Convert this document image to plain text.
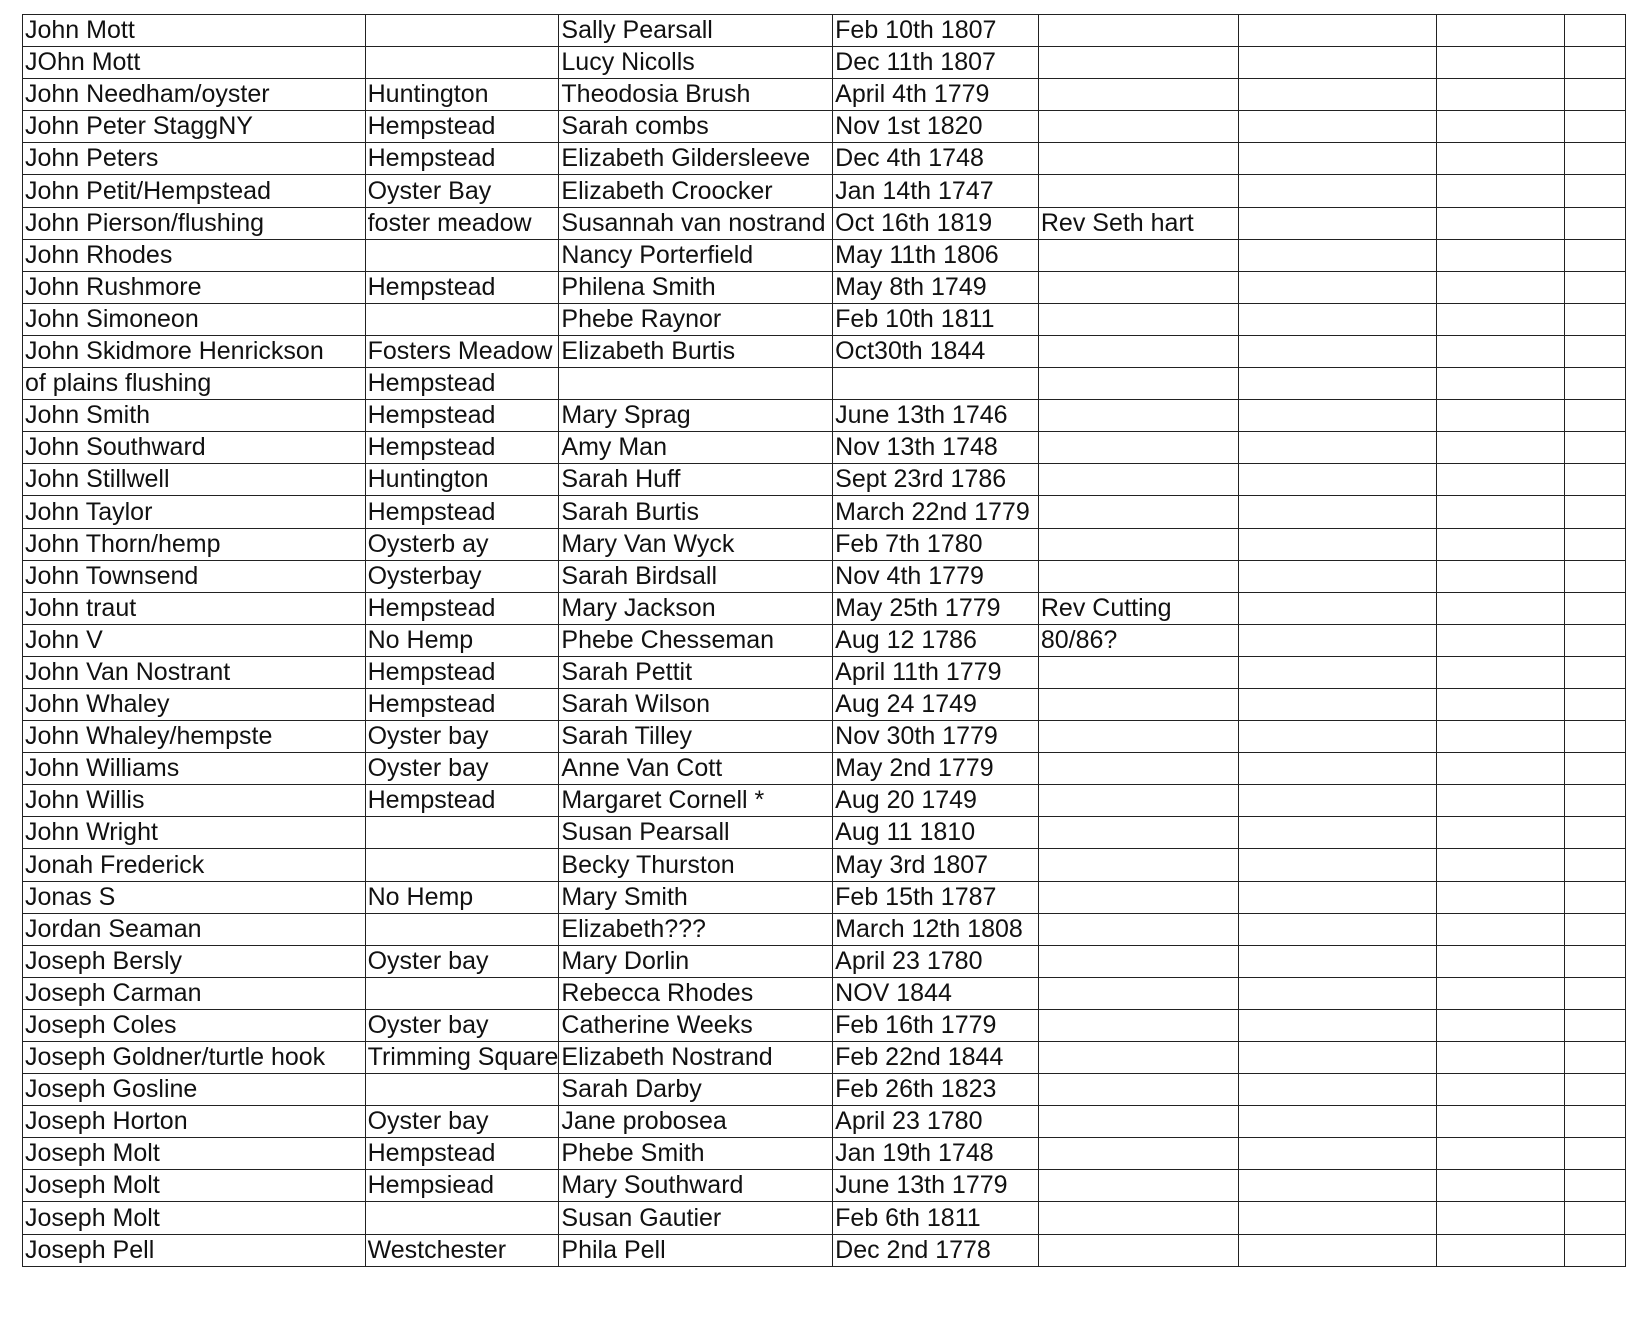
John Mott		Sally Pearsall	Feb 10th 1807				
JOhn Mott		Lucy Nicolls	Dec 11th 1807				
John Needham/oyster	Huntington	Theodosia Brush	April 4th 1779				
John Peter StaggNY	Hempstead	Sarah combs	Nov 1st 1820				
John Peters	Hempstead	Elizabeth Gildersleeve	Dec 4th 1748				
John Petit/Hempstead	Oyster Bay	Elizabeth Croocker	Jan 14th 1747				
John Pierson/flushing	foster meadow	Susannah van nostrand	Oct 16th 1819	Rev Seth hart			
John Rhodes		Nancy Porterfield	May 11th 1806				
John Rushmore	Hempstead	Philena Smith	May 8th 1749				
John Simoneon		Phebe Raynor	Feb 10th 1811				
John Skidmore Henrickson	Fosters Meadow	Elizabeth Burtis	Oct30th 1844				
of plains flushing	Hempstead						
John Smith	Hempstead	Mary Sprag	June 13th 1746				
John Southward	Hempstead	Amy Man	Nov 13th 1748				
John Stillwell	Huntington	Sarah Huff	Sept 23rd 1786				
John Taylor	Hempstead	Sarah Burtis	March 22nd 1779				
John Thorn/hemp	Oysterb ay	Mary Van Wyck	Feb 7th 1780				
John Townsend	Oysterbay	Sarah Birdsall	Nov 4th 1779				
John traut	Hempstead	Mary Jackson	May 25th 1779	Rev Cutting			
John V	No Hemp	Phebe Chesseman	Aug 12 1786	80/86?			
John Van Nostrant	Hempstead	Sarah Pettit	April 11th 1779				
John Whaley	Hempstead	Sarah Wilson	Aug 24 1749				
John Whaley/hempste	Oyster bay	Sarah Tilley	Nov 30th 1779				
John Williams	Oyster bay	Anne Van Cott	May 2nd 1779				
John Willis	Hempstead	Margaret Cornell *	Aug 20 1749				
John Wright		Susan Pearsall	Aug 11 1810				
Jonah Frederick		Becky Thurston	May 3rd 1807				
Jonas S	No Hemp	Mary Smith	Feb 15th 1787				
Jordan Seaman		Elizabeth???	March 12th 1808				
Joseph Bersly	Oyster bay	Mary Dorlin	April 23 1780				
Joseph Carman		Rebecca Rhodes	NOV 1844				
Joseph Coles	Oyster bay	Catherine Weeks	Feb 16th 1779				
Joseph Goldner/turtle hook	Trimming Square	Elizabeth Nostrand	Feb 22nd 1844				
Joseph Gosline		Sarah Darby	Feb 26th 1823				
Joseph Horton	Oyster bay	Jane probosea	April 23 1780				
Joseph Molt	Hempstead	Phebe Smith	Jan 19th 1748				
Joseph Molt	Hempsiead	Mary Southward	June 13th 1779				
Joseph Molt		Susan Gautier	Feb 6th 1811				
Joseph Pell	Westchester	Phila Pell	Dec 2nd 1778				
